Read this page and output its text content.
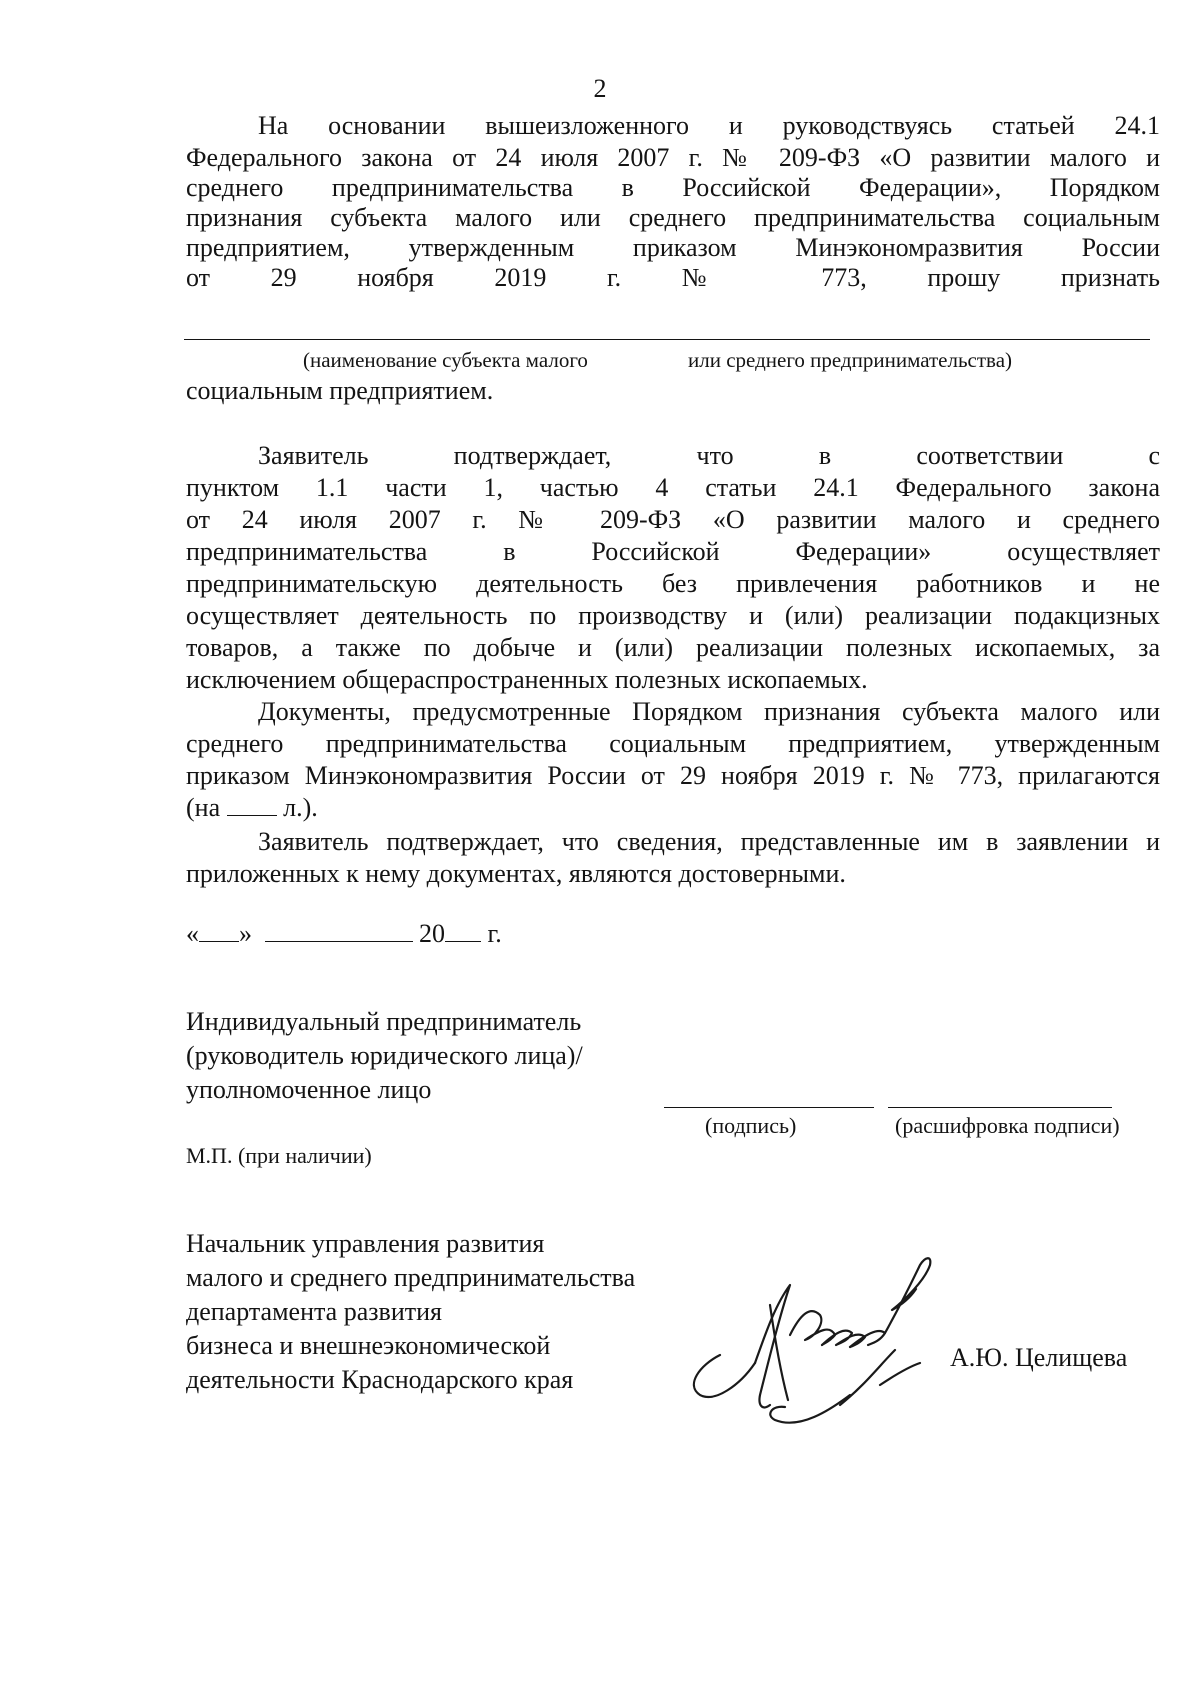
2
На основании вышеизложенного и руководствуясь статьей 24.1
Федерального закона от 24 июля 2007 г. № 209-ФЗ «О развитии малого и
среднего предпринимательства в Российской Федерации», Порядком
признания субъекта малого или среднего предпринимательства социальным
предприятием, утвержденным приказом Минэкономразвития России
от 29 ноября 2019 г. № 773, прошу признать
(наименование субъекта малого	или среднего предпринимательства)
социальным предприятием.
Заявитель подтверждает, что в соответствии с
пунктом 1.1 части 1, частью 4 статьи 24.1 Федерального закона
от 24 июля 2007 г. № 209-ФЗ «О развитии малого и среднего
предпринимательства в Российской Федерации» осуществляет
предпринимательскую деятельность без привлечения работников и не
осуществляет деятельность по производству и (или) реализации подакцизных
товаров, а также по добыче и (или) реализации полезных ископаемых, за
исключением общераспространенных полезных ископаемых.
Документы, предусмотренные Порядком признания субъекта малого или
среднего предпринимательства социальным предприятием, утвержденным
приказом Минэкономразвития России от 29 ноября 2019 г. № 773, прилагаются
(на л.).
Заявитель подтверждает, что сведения, представленные им в заявлении и
приложенных к нему документах, являются достоверными.
« »	20 г.
Индивидуальный предприниматель
(руководитель юридического лица)/
уполномоченное лицо
(подпись)	(расшифровка подписи)
М.П. (при наличии)
Начальник управления развития
малого и среднего предпринимательства
департамента развития
бизнеса и внешнеэкономической
деятельности Краснодарского края
А.Ю. Целищева
